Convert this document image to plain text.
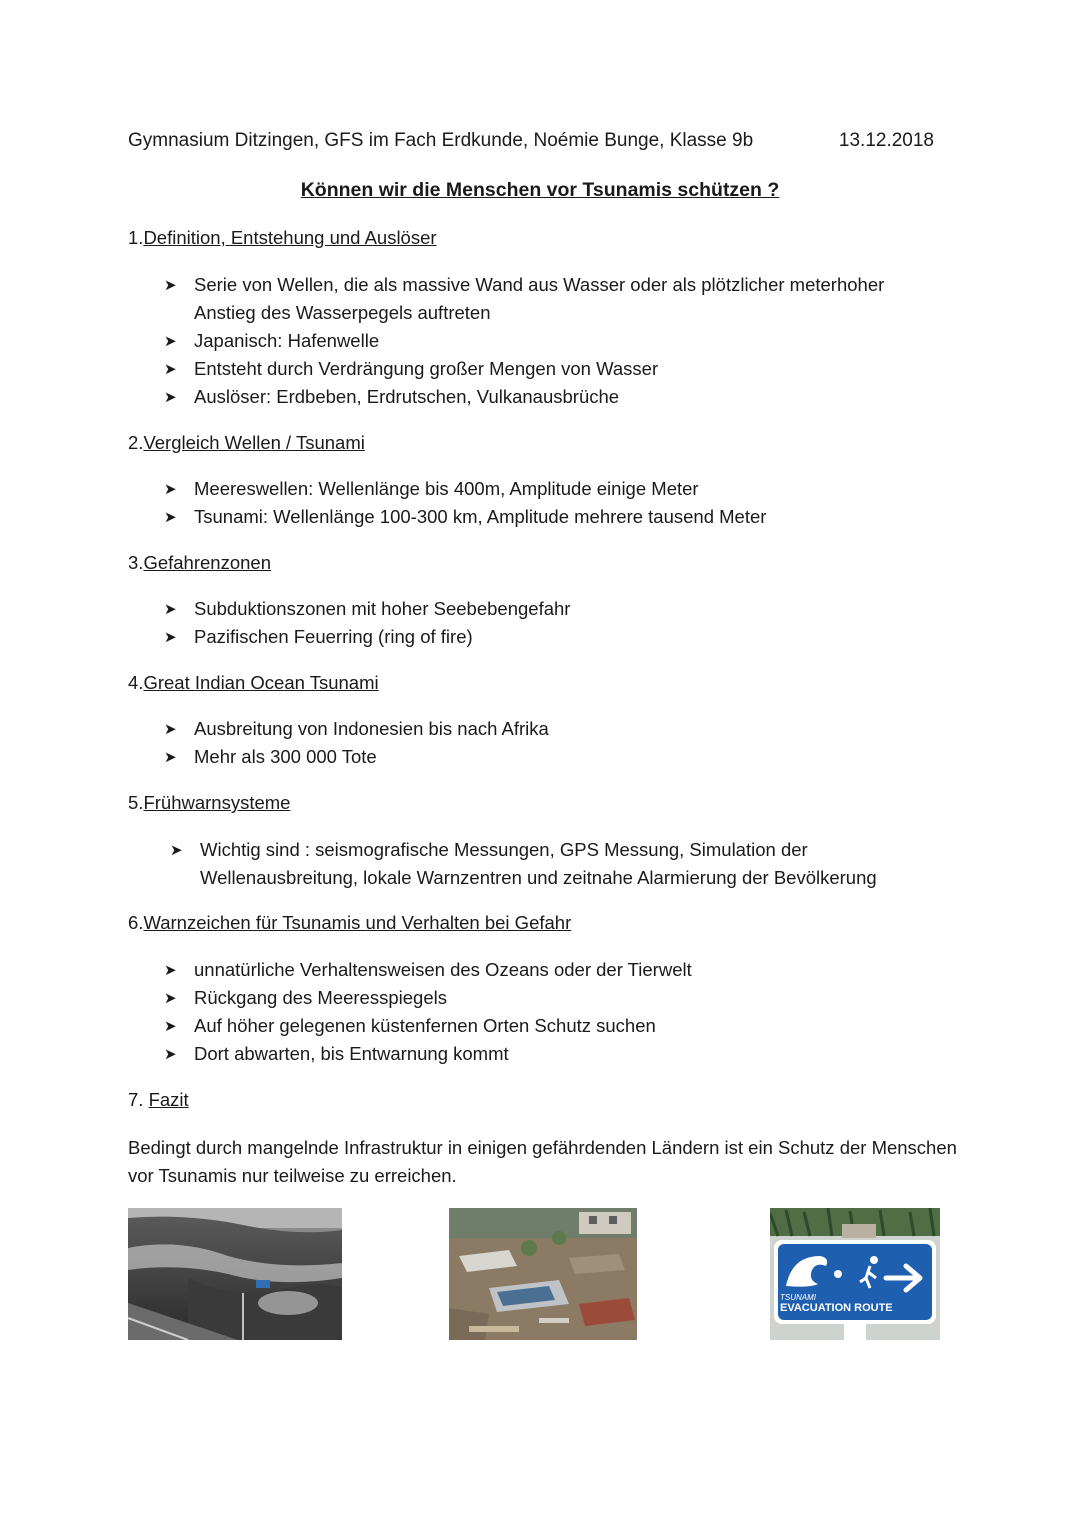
Gymnasium Ditzingen, GFS im Fach Erdkunde, Noémie Bunge, Klasse 9b	13.12.2018
Können wir die Menschen vor Tsunamis schützen ?
1.Definition, Entstehung und Auslöser
➤ Serie von Wellen, die als massive Wand aus Wasser oder als plötzlicher meterhoher Anstieg des Wasserpegels auftreten
➤ Japanisch: Hafenwelle
➤ Entsteht durch Verdrängung großer Mengen von Wasser
➤ Auslöser: Erdbeben, Erdrutschen, Vulkanausbrüche
2.Vergleich Wellen / Tsunami
➤ Meereswellen: Wellenlänge bis 400m, Amplitude einige Meter
➤ Tsunami: Wellenlänge 100-300 km, Amplitude mehrere tausend Meter
3.Gefahrenzonen
➤ Subduktionszonen mit hoher Seebebengefahr
➤ Pazifischen Feuerring (ring of fire)
4.Great Indian Ocean Tsunami
➤ Ausbreitung von Indonesien bis nach Afrika
➤ Mehr als 300 000 Tote
5.Frühwarnsysteme
➤ Wichtig sind : seismografische Messungen, GPS Messung, Simulation der Wellenausbreitung, lokale Warnzentren und zeitnahe Alarmierung der Bevölkerung
6.Warnzeichen für Tsunamis und Verhalten bei Gefahr
➤ unnatürliche Verhaltensweisen des Ozeans oder der Tierwelt
➤ Rückgang des Meeresspiegels
➤ Auf höher gelegenen küstenfernen Orten Schutz suchen
➤ Dort abwarten, bis Entwarnung kommt
7. Fazit
Bedingt durch mangelnde Infrastruktur in einigen gefährdenden Ländern ist ein Schutz der Menschen vor Tsunamis nur teilweise zu erreichen.
TSUNAMI
EVACUATION ROUTE
